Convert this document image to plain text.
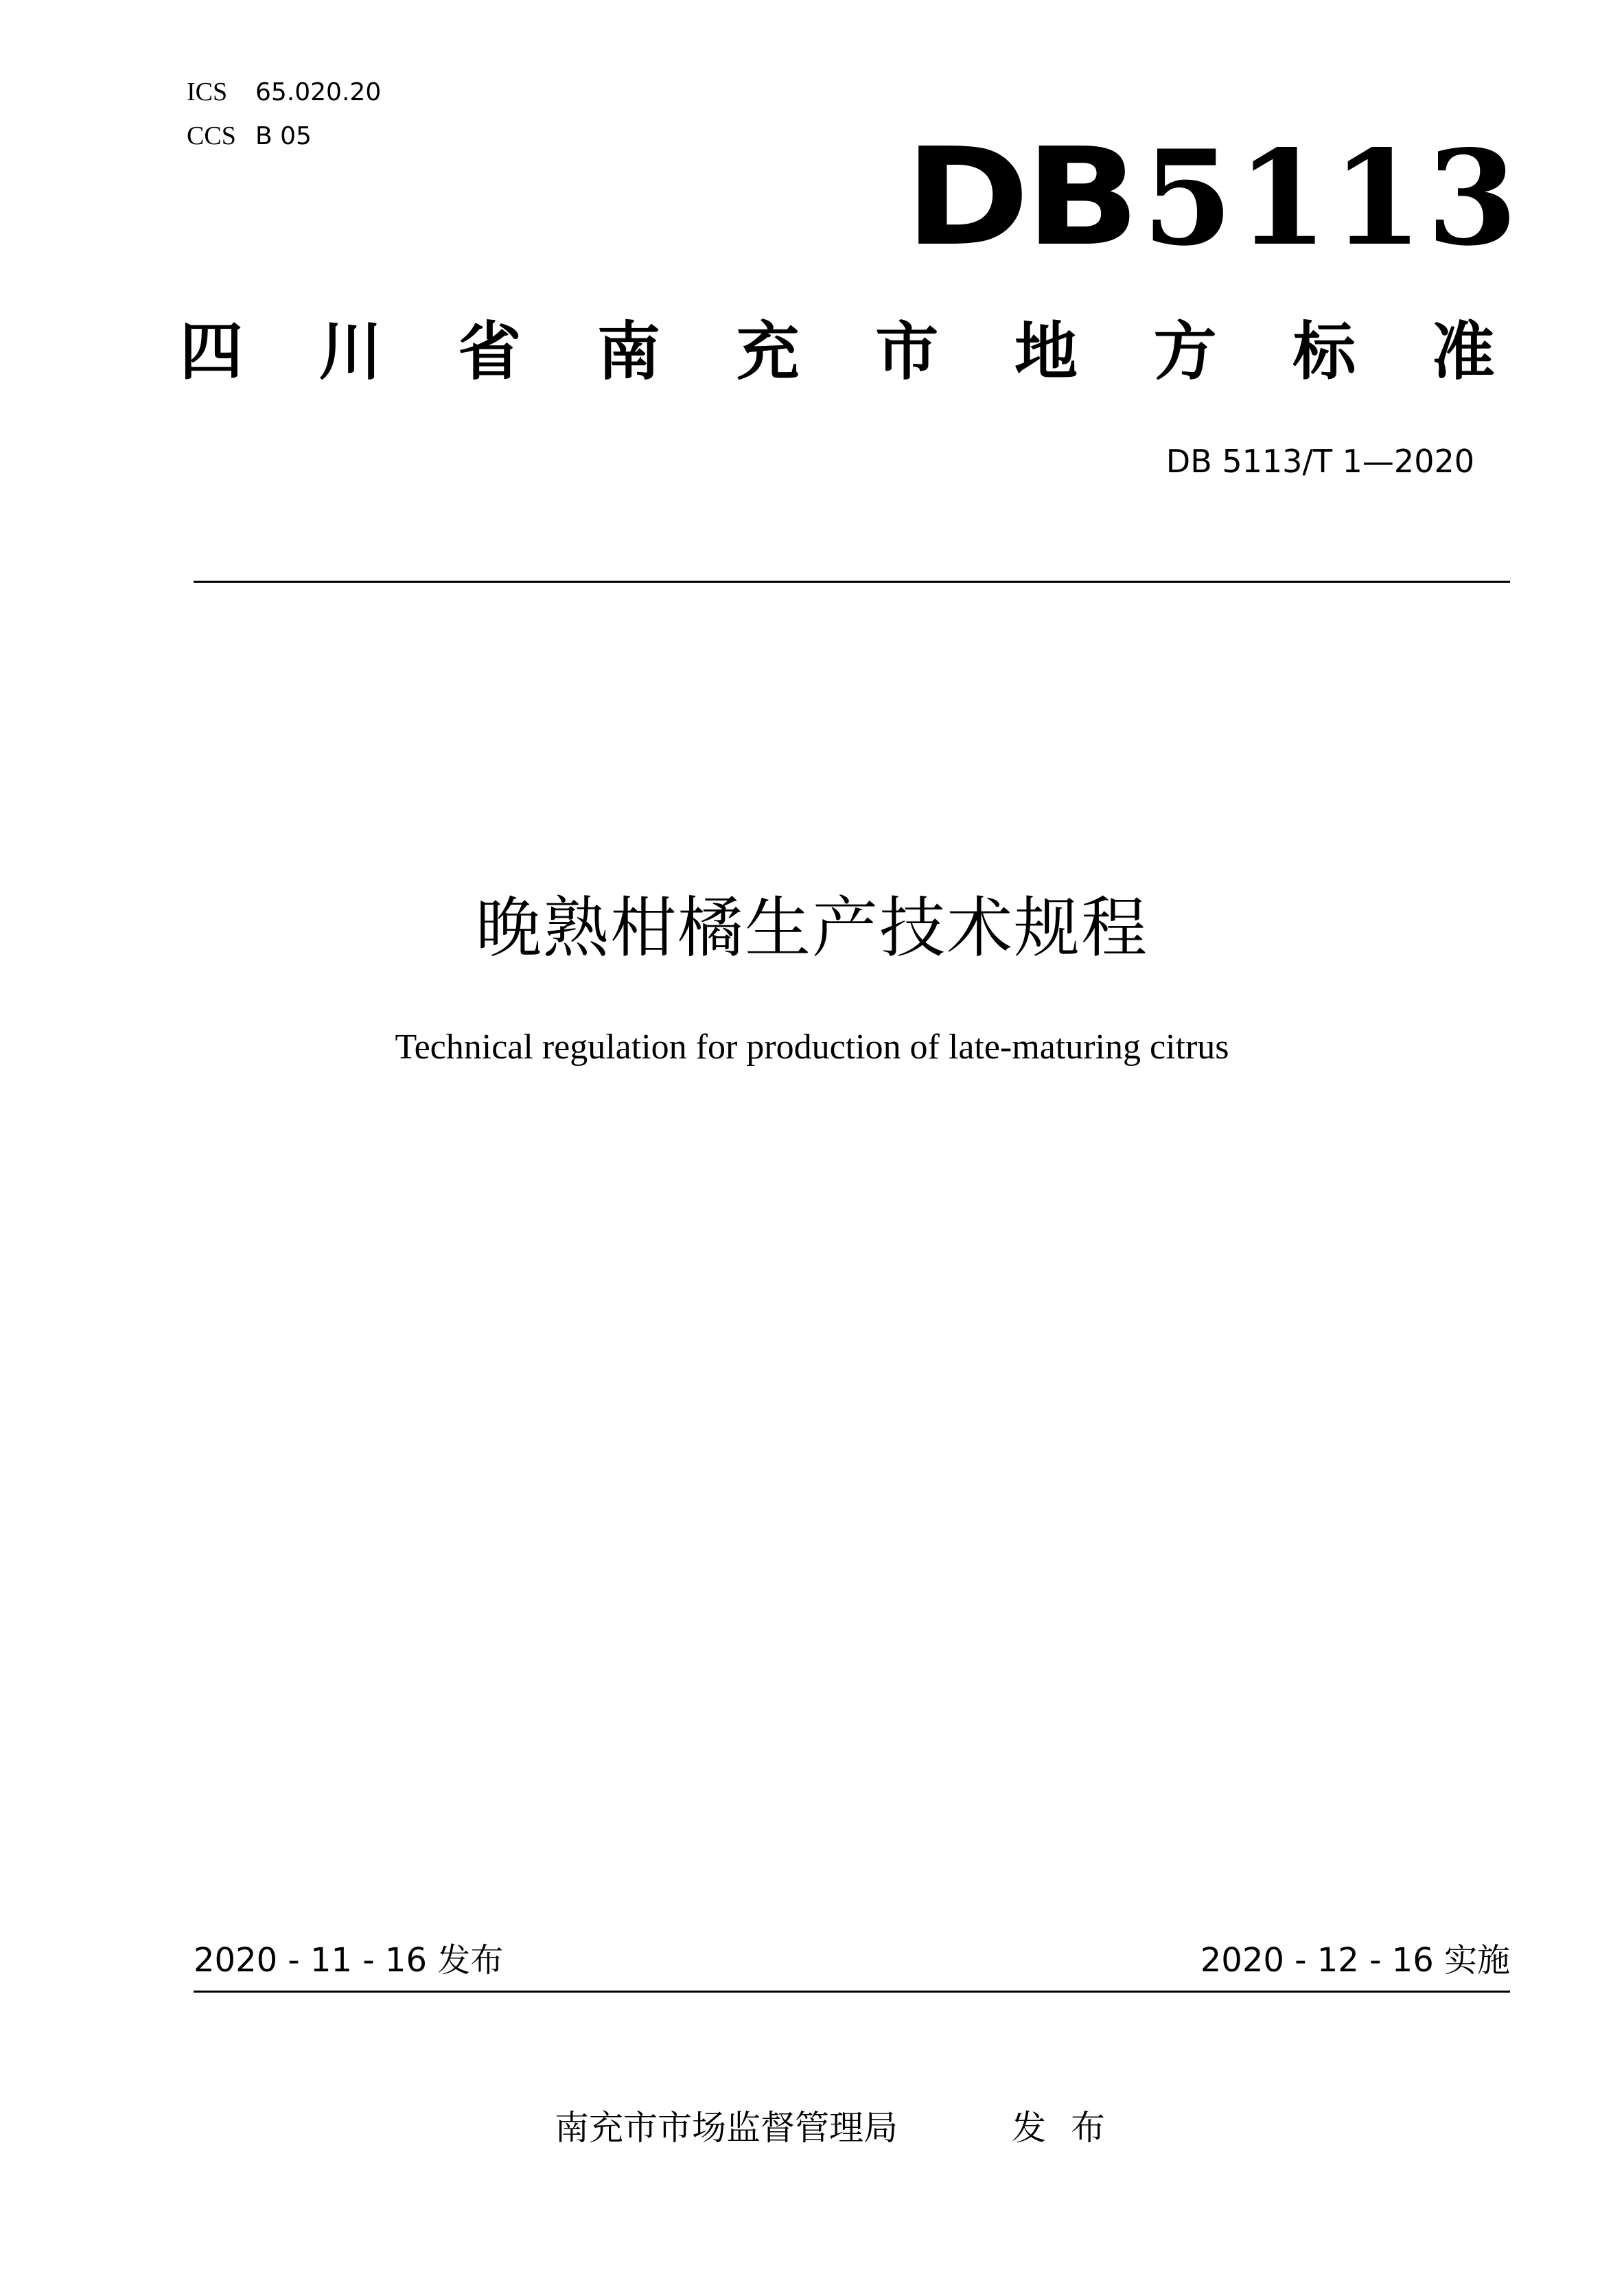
ICS 65.020.20
CCS B 05	DB 5113
四 川 省 南 充 市 地 方 标 准
DB 5113/T 1—2020
晚熟柑橘生产技术规程
Technical regulation for production of late-maturing citrus
2020 - 11 - 16 发布	2020 - 12 - 16 实施
南充市市场监督管理局	发布
